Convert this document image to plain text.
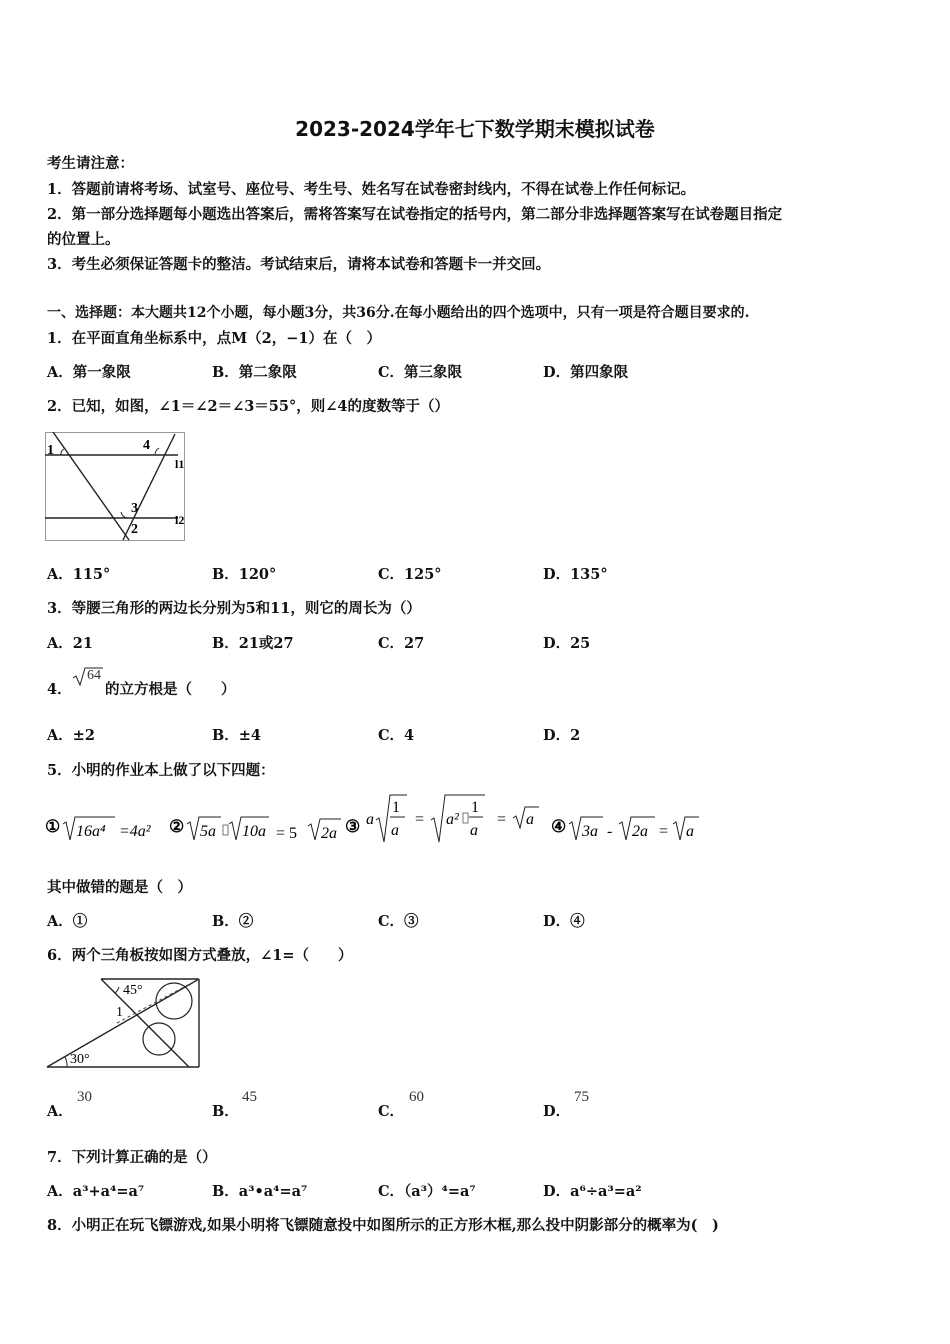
2023-2024学年七下数学期末模拟试卷
考生请注意：
1．答题前请将考场、试室号、座位号、考生号、姓名写在试卷密封线内，不得在试卷上作任何标记。
2．第一部分选择题每小题选出答案后，需将答案写在试卷指定的括号内，第二部分非选择题答案写在试卷题目指定
的位置上。
3．考生必须保证答题卡的整洁。考试结束后，请将本试卷和答题卡一并交回。
一、选择题：本大题共12个小题，每小题3分，共36分.在每小题给出的四个选项中，只有一项是符合题目要求的.
1．在平面直角坐标系中，点M（2，−1）在（　）
A．第一象限	B．第二象限	C．第三象限	D．第四象限
2．已知，如图，∠1＝∠2＝∠3＝55°，则∠4的度数等于（）
1	4
l1
3
2
l2
A．115°	B．120°	C．125°	D．135°
3．等腰三角形的两边长分别为5和11，则它的周长为（）
A．21	B．21或27	C．27	D．25
4．
64
的立方根是（　　）
A．±2	B．±4	C．4	D．2
5．小明的作业本上做了以下四题：
① 16a⁴ =4a² ② 5a 10a = 5 2a ③ a
1
a
= a²
1
a
= a ④ 3a - 2a = a
其中做错的题是（　）
A．①	B．②	C．③	D．④
6．两个三角板按如图方式叠放，∠1=（　　）
45°
1
30°
A．
30
B．
45
C．
60
D．
75
7．下列计算正确的是（）
A．a³+a⁴=a⁷	B．a³•a⁴=a⁷	C．（a³）⁴=a⁷	D．a⁶÷a³=a²
8．小明正在玩飞镖游戏,如果小明将飞镖随意投中如图所示的正方形木框,那么投中阴影部分的概率为(　)
